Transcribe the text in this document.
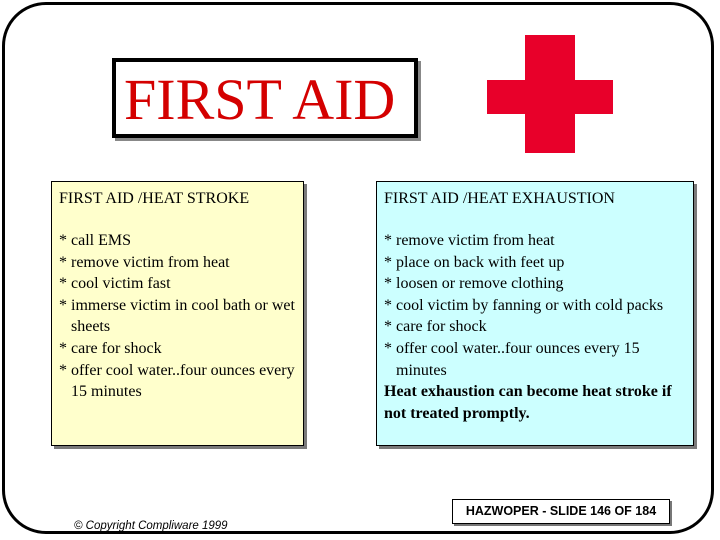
FIRST AID
FIRST AID /HEAT STROKE
* call EMS
* remove victim from heat
* cool victim fast
* immerse victim in cool bath or wet sheets
* care for shock
* offer cool water..four ounces every 15 minutes
FIRST AID /HEAT EXHAUSTION
* remove victim from heat
* place on back with feet up
* loosen or remove clothing
* cool victim by fanning or with cold packs
* care for shock
* offer cool water..four ounces every 15 minutes
Heat exhaustion can become heat stroke if not treated promptly.
© Copyright Compliware 1999
HAZWOPER - SLIDE 146 OF 184
